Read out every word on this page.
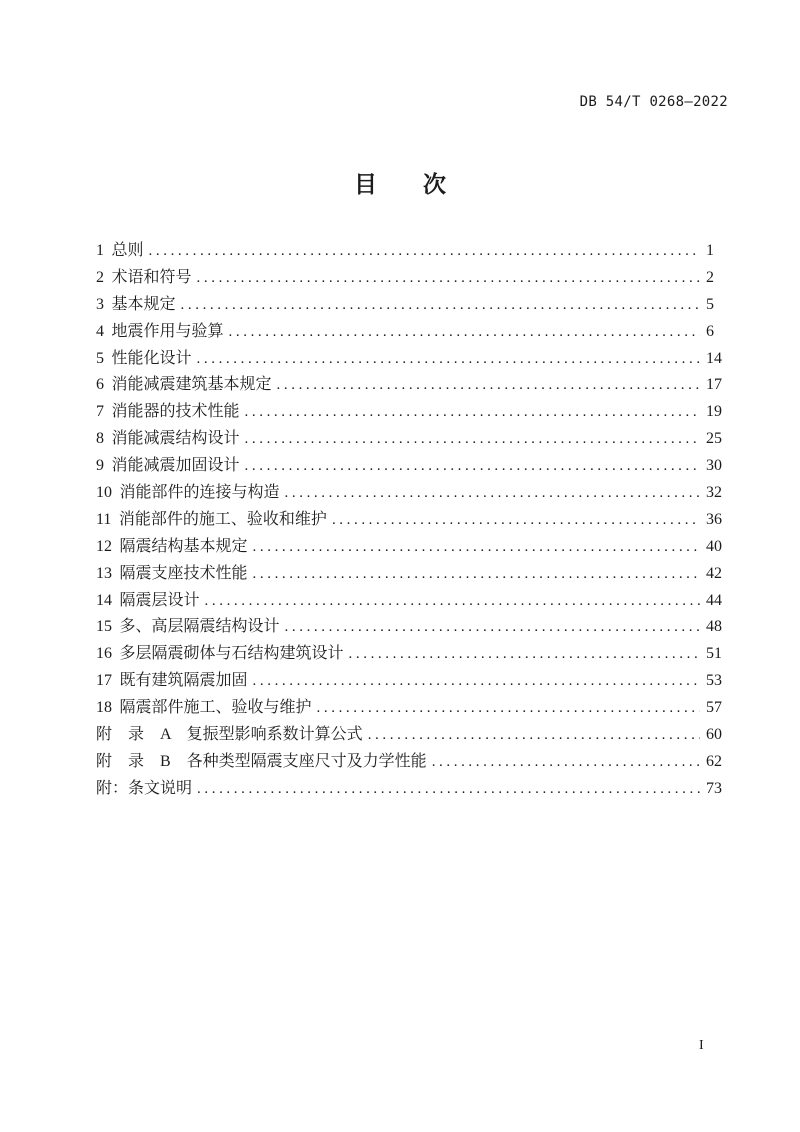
DB 54/T 0268—2022
目　　次
1 总则 .....	1
2 术语和符号 .....	2
3 基本规定 .....	5
4 地震作用与验算 .....	6
5 性能化设计 .....	14
6 消能减震建筑基本规定 .....	17
7 消能器的技术性能 .....	19
8 消能减震结构设计 .....	25
9 消能减震加固设计 .....	30
10 消能部件的连接与构造 .....	32
11 消能部件的施工、验收和维护 .....	36
12 隔震结构基本规定 .....	40
13 隔震支座技术性能 .....	42
14 隔震层设计 .....	44
15 多、高层隔震结构设计 .....	48
16 多层隔震砌体与石结构建筑设计 .....	51
17 既有建筑隔震加固 .....	53
18 隔震部件施工、验收与维护 .....	57
附　录　A　复振型影响系数计算公式 .....	60
附　录　B　各种类型隔震支座尺寸及力学性能 .....	62
附：条文说明 .....	73
I
